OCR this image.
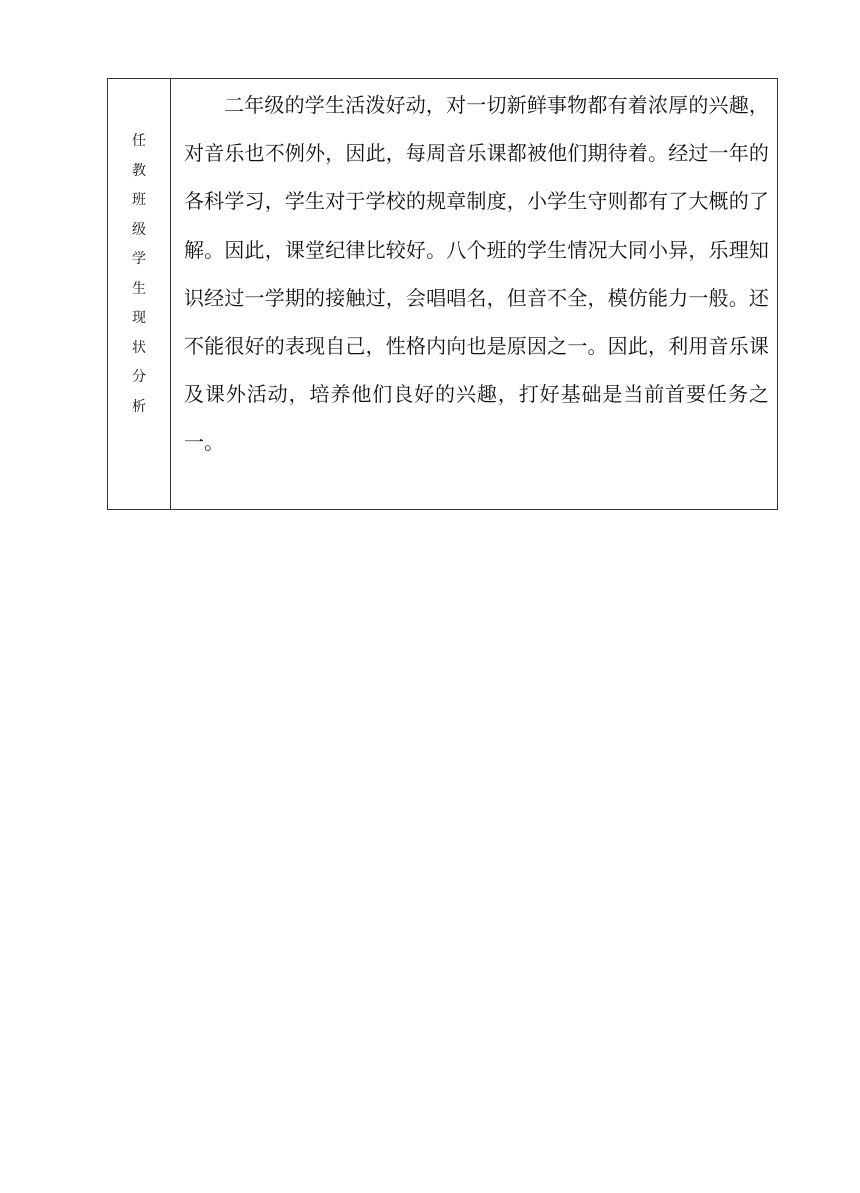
任
教
班
级
学
生
现
状
分
析

二年级的学生活泼好动，对一切新鲜事物都有着浓厚的兴趣，对音乐也不例外，因此，每周音乐课都被他们期待着。经过一年的各科学习，学生对于学校的规章制度，小学生守则都有了大概的了解。因此，课堂纪律比较好。八个班的学生情况大同小异，乐理知识经过一学期的接触过，会唱唱名，但音不全，模仿能力一般。还不能很好的表现自己，性格内向也是原因之一。因此，利用音乐课及课外活动，培养他们良好的兴趣，打好基础是当前首要任务之一。
